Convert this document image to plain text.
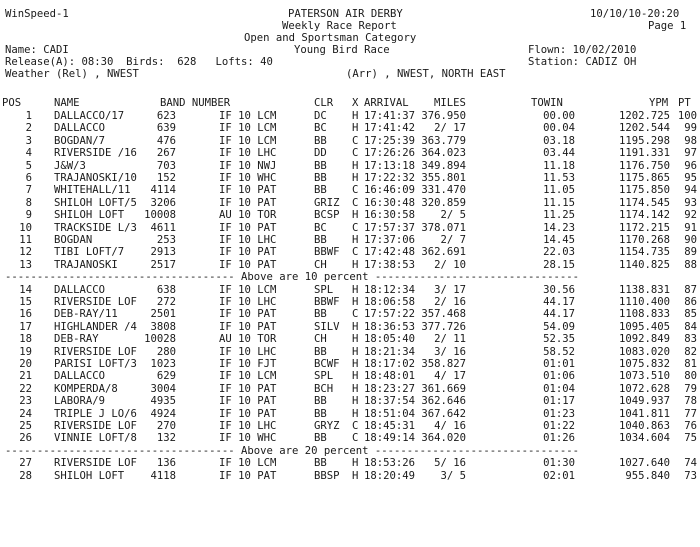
WinSpeed-1	10/10/10-20:20
PATERSON AIR DERBY
Weekly Race Report	Page 1
Open and Sportsman Category
Name: CADI	Young Bird Race	Flown: 10/02/2010
Release(A): 08:30  Birds:  628   Lofts: 40	Station: CADIZ OH
Weather (Rel) , NWEST	(Arr) , NWEST, NORTH EAST
POS	NAME	BAND NUMBER	CLR X ARRIVAL MILES	TOWIN	YPM PT
1 DALLACCO/17	623	IF 10 LCM	DC H 17:41:37 376.950	00.00	1202.725 100
2 DALLACCO	639	IF 10 LCM	BC H 17:41:42	2/ 17	00.04	1202.544	99
3 BOGDAN/7	476	IF 10 LCM	BB C 17:25:39 363.779	03.18	1195.298	98
4 RIVERSIDE /16	267	IF 10 LHC	DD C 17:26:26 364.023	03.44	1191.331	97
5 J&W/3	703	IF 10 NWJ	BB H 17:13:18 349.894	11.18	1176.750	96
6 TRAJANOSKI/10	152	IF 10 WHC	BB H 17:22:32 355.801	11.53	1175.865	95
7 WHITEHALL/11	4114	IF 10 PAT	BB C 16:46:09 331.470	11.05	1175.850	94
8 SHILOH LOFT/5	3206	IF 10 PAT	GRIZ C 16:30:48 320.859	11.15	1174.545	93
9 SHILOH LOFT	10008	AU 10 TOR	BCSP H 16:30:58	2/ 5	11.25	1174.142	92
10 TRACKSIDE L/3	4611	IF 10 PAT	BC C 17:57:37 378.071	14.23	1172.215	91
11 BOGDAN	253	IF 10 LHC	BB H 17:37:06	2/ 7	14.45	1170.268	90
12 TIBI LOFT/7	2913	IF 10 PAT	BBWF C 17:42:48 362.691	22.03	1154.735	89
13 TRAJANOSKI	2517	IF 10 PAT	CH H 17:38:53	2/ 10	28.15	1140.825	88
------------------------------------ Above are 10 percent --------------------------------
14 DALLACCO	638	IF 10 LCM	SPL H 18:12:34	3/ 17	30.56	1138.831	87
15 RIVERSIDE LOF	272	IF 10 LHC	BBWF H 18:06:58	2/ 16	44.17	1110.400	86
16 DEB-RAY/11	2501	IF 10 PAT	BB C 17:57:22 357.468	44.17	1108.833	85
17 HIGHLANDER /4	3808	IF 10 PAT	SILV H 18:36:53 377.726	54.09	1095.405	84
18 DEB-RAY	10028	AU 10 TOR	CH H 18:05:40	2/ 11	52.35	1092.849	83
19 RIVERSIDE LOF	280	IF 10 LHC	BB H 18:21:34	3/ 16	58.52	1083.020	82
20 PARISI LOFT/3	1023	IF 10 FJT	BCWF H 18:17:02 358.827	01:01	1075.832	81
21 DALLACCO	629	IF 10 LCM	SPL H 18:48:01	4/ 17	01:06	1073.510	80
22 KOMPERDA/8	3004	IF 10 PAT	BCH H 18:23:27 361.669	01:04	1072.628	79
23 LABORA/9	4935	IF 10 PAT	BB H 18:37:54 362.646	01:17	1049.937	78
24 TRIPLE J LO/6	4924	IF 10 PAT	BB H 18:51:04 367.642	01:23	1041.811	77
25 RIVERSIDE LOF	270	IF 10 LHC	GRYZ C 18:45:31	4/ 16	01:22	1040.863	76
26 VINNIE LOFT/8	132	IF 10 WHC	BB C 18:49:14 364.020	01:26	1034.604	75
------------------------------------ Above are 20 percent --------------------------------
27 RIVERSIDE LOF	136	IF 10 LCM	BB H 18:53:26	5/ 16	01:30	1027.640	74
28 SHILOH LOFT	4118	IF 10 PAT	BBSP H 18:20:49	3/ 5	02:01	955.840	73
